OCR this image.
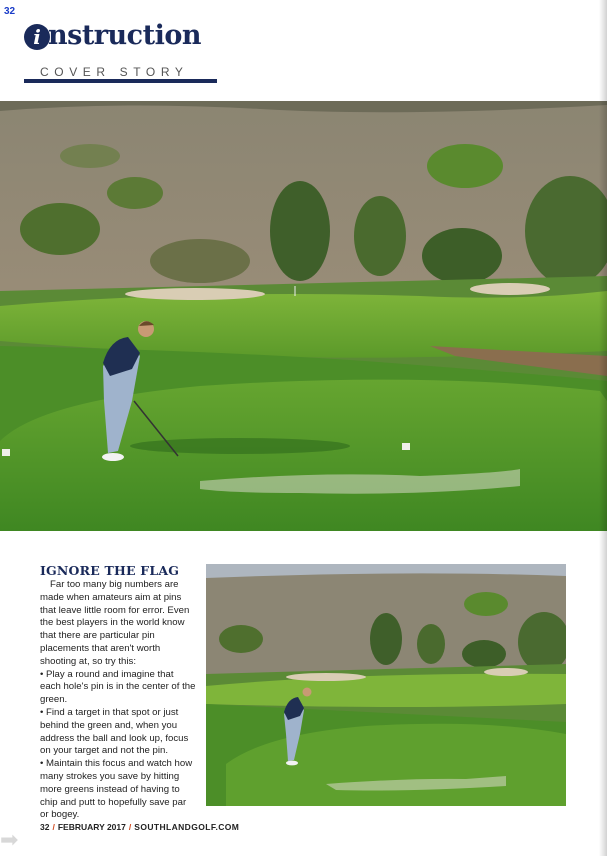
32
i nstruction
COVER STORY
IGNORE THE FLAG

Far too many big numbers are made when amateurs aim at pins that leave little room for error. Even the best players in the world know that there are particular pin placements that aren't worth shooting at, so try this:

• Play a round and imagine that each hole's pin is in the center of the green.

• Find a target in that spot or just behind the green and, when you address the ball and look up, focus on your target and not the pin.

• Maintain this focus and watch how many strokes you save by hitting more greens instead of having to chip and putt to hopefully save par or bogey.

32 / FEBRUARY 2017 / SOUTHLANDGOLF.COM
➡
